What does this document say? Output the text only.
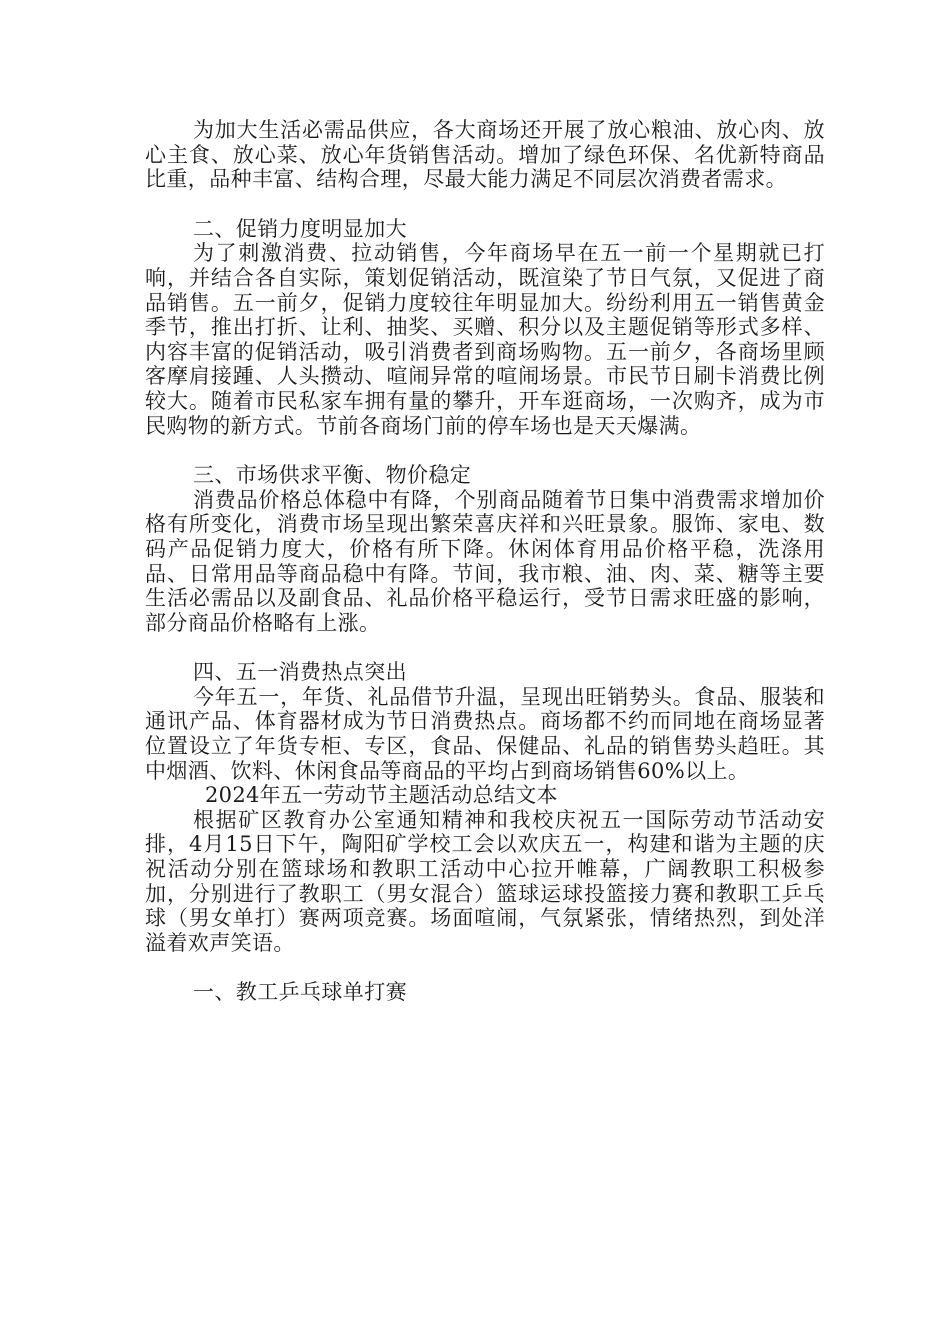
为加大生活必需品供应，各大商场还开展了放心粮油、放心肉、放心主食、放心菜、放心年货销售活动。增加了绿色环保、名优新特商品比重，品种丰富、结构合理，尽最大能力满足不同层次消费者需求。

二、促销力度明显加大

为了刺激消费、拉动销售，今年商场早在五一前一个星期就已打响，并结合各自实际，策划促销活动，既渲染了节日气氛，又促进了商品销售。五一前夕，促销力度较往年明显加大。纷纷利用五一销售黄金季节，推出打折、让利、抽奖、买赠、积分以及主题促销等形式多样、内容丰富的促销活动，吸引消费者到商场购物。五一前夕，各商场里顾客摩肩接踵、人头攒动、喧闹异常的喧闹场景。市民节日刷卡消费比例较大。随着市民私家车拥有量的攀升，开车逛商场，一次购齐，成为市民购物的新方式。节前各商场门前的停车场也是天天爆满。

三、市场供求平衡、物价稳定

消费品价格总体稳中有降，个别商品随着节日集中消费需求增加价格有所变化，消费市场呈现出繁荣喜庆祥和兴旺景象。服饰、家电、数码产品促销力度大，价格有所下降。休闲体育用品价格平稳，洗涤用品、日常用品等商品稳中有降。节间，我市粮、油、肉、菜、糖等主要生活必需品以及副食品、礼品价格平稳运行，受节日需求旺盛的影响，部分商品价格略有上涨。

四、五一消费热点突出

今年五一，年货、礼品借节升温，呈现出旺销势头。食品、服装和通讯产品、体育器材成为节日消费热点。商场都不约而同地在商场显著位置设立了年货专柜、专区，食品、保健品、礼品的销售势头趋旺。其中烟酒、饮料、休闲食品等商品的平均占到商场销售60%以上。

2024年五一劳动节主题活动总结文本

根据矿区教育办公室通知精神和我校庆祝五一国际劳动节活动安排，4月15日下午，陶阳矿学校工会以欢庆五一，构建和谐为主题的庆祝活动分别在篮球场和教职工活动中心拉开帷幕，广阔教职工积极参加，分别进行了教职工（男女混合）篮球运球投篮接力赛和教职工乒乓球（男女单打）赛两项竞赛。场面喧闹，气氛紧张，情绪热烈，到处洋溢着欢声笑语。

一、教工乒乓球单打赛
